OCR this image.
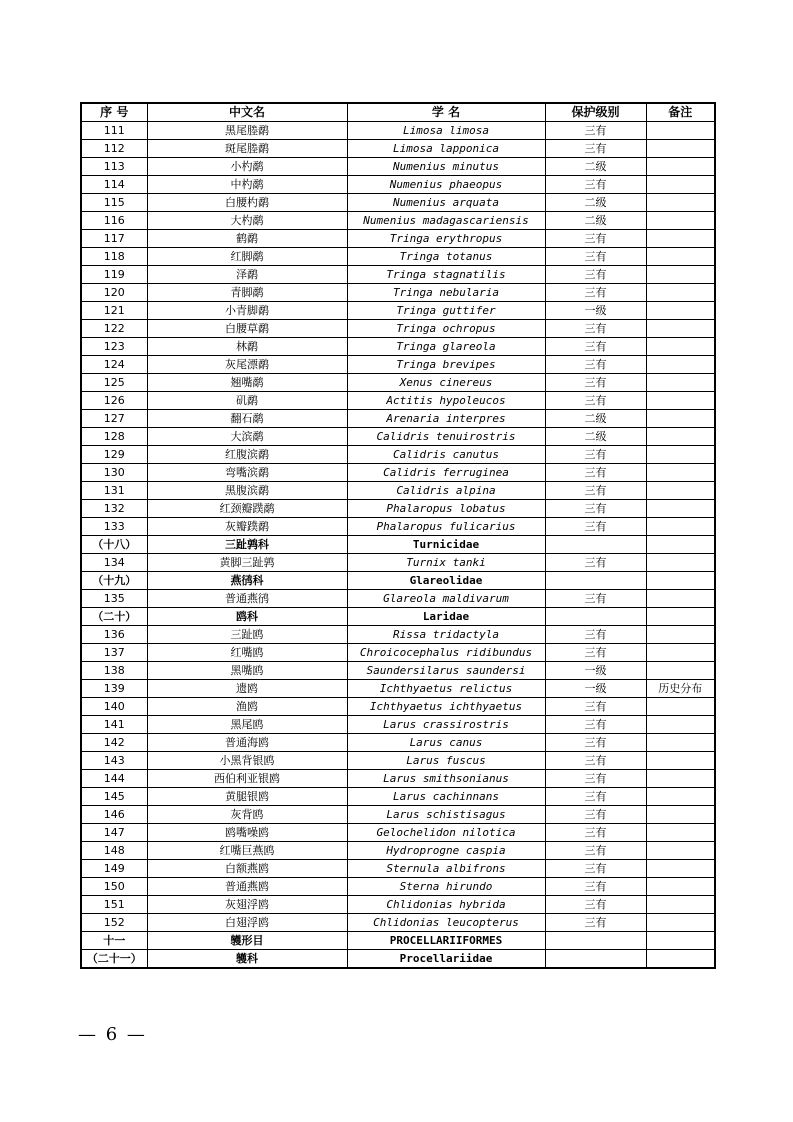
序 号	中文名	学 名	保护级别	备注
111	黑尾塍鹬	Limosa limosa	三有	
112	斑尾塍鹬	Limosa lapponica	三有	
113	小杓鹬	Numenius minutus	二级	
114	中杓鹬	Numenius phaeopus	三有	
115	白腰杓鹬	Numenius arquata	二级	
116	大杓鹬	Numenius madagascariensis	二级	
117	鹤鹬	Tringa erythropus	三有	
118	红脚鹬	Tringa totanus	三有	
119	泽鹬	Tringa stagnatilis	三有	
120	青脚鹬	Tringa nebularia	三有	
121	小青脚鹬	Tringa guttifer	一级	
122	白腰草鹬	Tringa ochropus	三有	
123	林鹬	Tringa glareola	三有	
124	灰尾漂鹬	Tringa brevipes	三有	
125	翘嘴鹬	Xenus cinereus	三有	
126	矶鹬	Actitis hypoleucos	三有	
127	翻石鹬	Arenaria interpres	二级	
128	大滨鹬	Calidris tenuirostris	二级	
129	红腹滨鹬	Calidris canutus	三有	
130	弯嘴滨鹬	Calidris ferruginea	三有	
131	黑腹滨鹬	Calidris alpina	三有	
132	红颈瓣蹼鹬	Phalaropus lobatus	三有	
133	灰瓣蹼鹬	Phalaropus fulicarius	三有	
（十八）	三趾鹑科	Turnicidae		
134	黄脚三趾鹑	Turnix tanki	三有	
（十九）	燕鸻科	Glareolidae		
135	普通燕鸻	Glareola maldivarum	三有	
（二十）	鸥科	Laridae		
136	三趾鸥	Rissa tridactyla	三有	
137	红嘴鸥	Chroicocephalus ridibundus	三有	
138	黑嘴鸥	Saundersilarus saundersi	一级	
139	遗鸥	Ichthyaetus relictus	一级	历史分布
140	渔鸥	Ichthyaetus ichthyaetus	三有	
141	黑尾鸥	Larus crassirostris	三有	
142	普通海鸥	Larus canus	三有	
143	小黑背银鸥	Larus fuscus	三有	
144	西伯利亚银鸥	Larus smithsonianus	三有	
145	黄腿银鸥	Larus cachinnans	三有	
146	灰背鸥	Larus schistisagus	三有	
147	鸥嘴噪鸥	Gelochelidon nilotica	三有	
148	红嘴巨燕鸥	Hydroprogne caspia	三有	
149	白额燕鸥	Sternula albifrons	三有	
150	普通燕鸥	Sterna hirundo	三有	
151	灰翅浮鸥	Chlidonias hybrida	三有	
152	白翅浮鸥	Chlidonias leucopterus	三有	
十一	鹱形目	PROCELLARIIFORMES		
（二十一）	鹱科	Procellariidae		
— 6 —
